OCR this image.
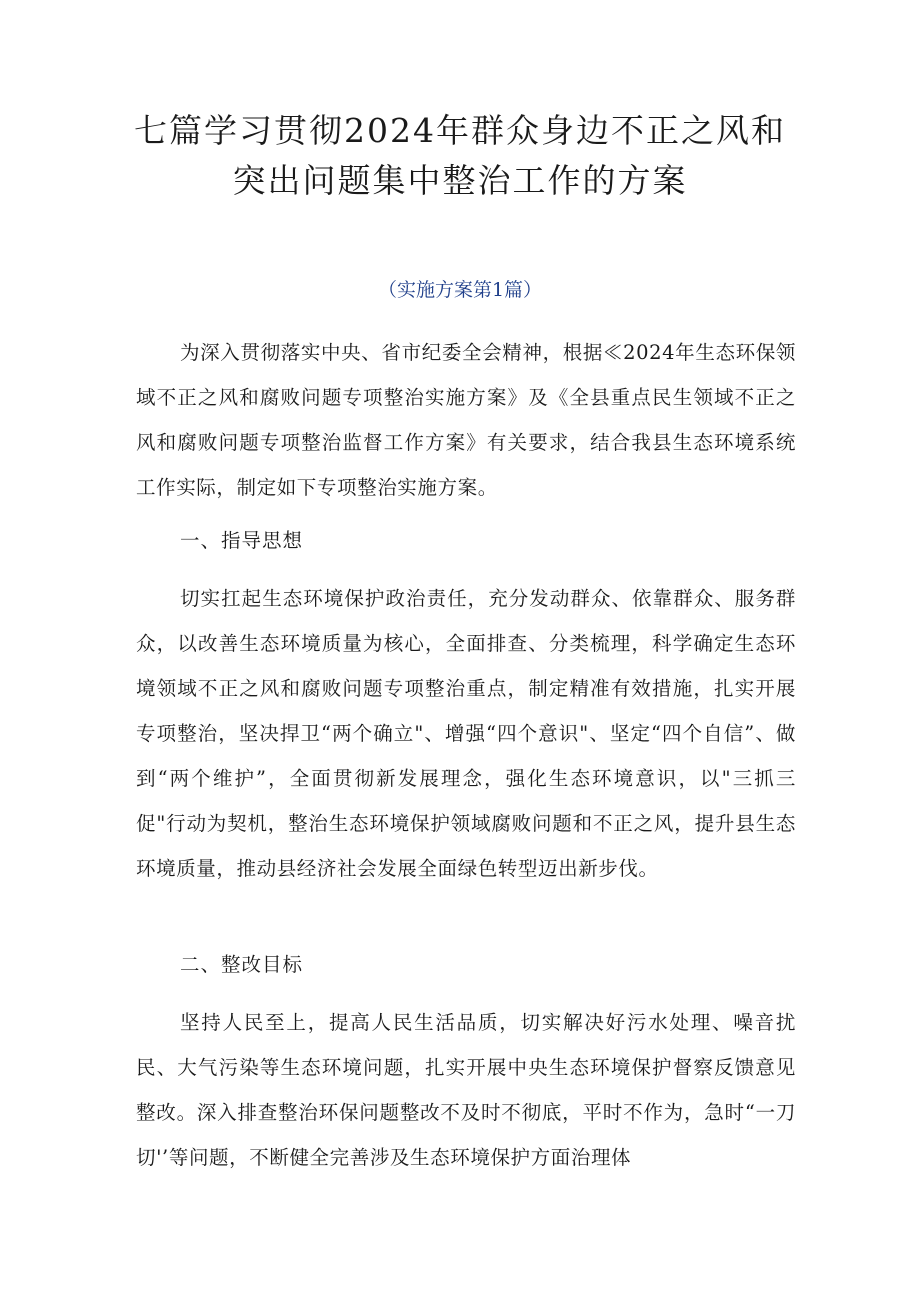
七篇学习贯彻2024年群众身边不正之风和
突出问题集中整治工作的方案
（实施方案第1篇）

为深入贯彻落实中央、省市纪委全会精神，根据≪2024年生态环保领域不正之风和腐败问题专项整治实施方案》及《全县重点民生领域不正之风和腐败问题专项整治监督工作方案》有关要求，结合我县生态环境系统工作实际，制定如下专项整治实施方案。

一、指导思想

切实扛起生态环境保护政治责任，充分发动群众、依靠群众、服务群众，以改善生态环境质量为核心，全面排查、分类梳理，科学确定生态环境领域不正之风和腐败问题专项整治重点，制定精准有效措施，扎实开展专项整治，坚决捍卫“两个确立"、增强“四个意识"、坚定“四个自信”、做到“两个维护”，全面贯彻新发展理念，强化生态环境意识，以"三抓三促"行动为契机，整治生态环境保护领域腐败问题和不正之风，提升县生态环境质量，推动县经济社会发展全面绿色转型迈出新步伐。

二、整改目标

坚持人民至上，提高人民生活品质，切实解决好污水处理、噪音扰民、大气污染等生态环境问题，扎实开展中央生态环境保护督察反馈意见整改。深入排查整治环保问题整改不及时不彻底，平时不作为，急时“一刀切'’等问题，不断健全完善涉及生态环境保护方面治理体
